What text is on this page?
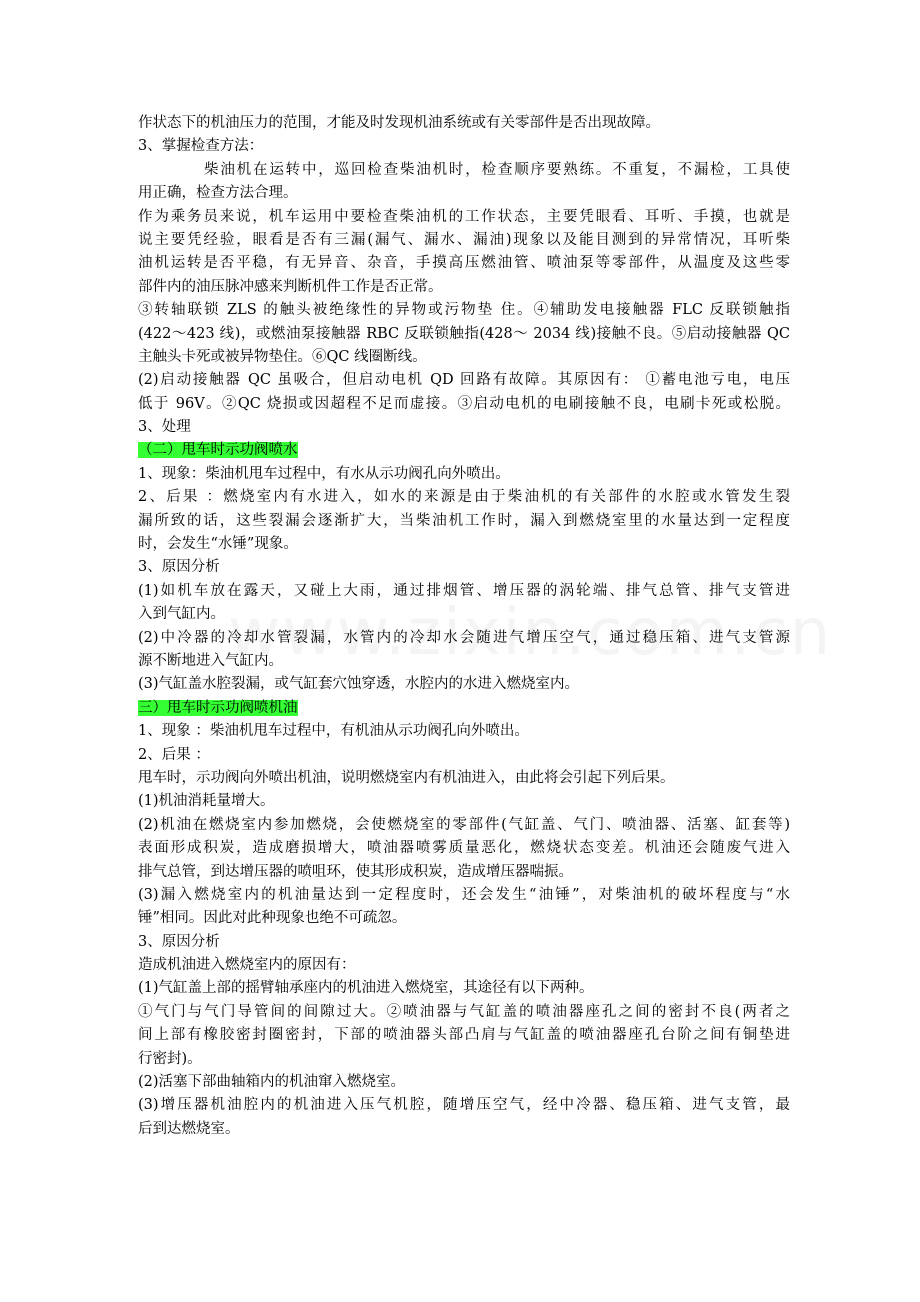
作状态下的机油压力的范围，才能及时发现机油系统或有关零部件是否出现故障。
3、掌握检查方法：
柴油机在运转中，巡回检查柴油机时，检查顺序要熟练。不重复，不漏检，工具使
用正确，检查方法合理。
作为乘务员来说，机车运用中要检查柴油机的工作状态，主要凭眼看、耳听、手摸，也就是
说主要凭经验，眼看是否有三漏(漏气、漏水、漏油)现象以及能目测到的异常情况，耳听柴
油机运转是否平稳，有无异音、杂音，手摸高压燃油管、喷油泵等零部件，从温度及这些零
部件内的油压脉冲感来判断机件工作是否正常。
③转轴联锁 ZLS 的触头被绝缘性的异物或污物垫 住。④辅助发电接触器 FLC 反联锁触指
(422～423 线)，或燃油泵接触器 RBC 反联锁触指(428～ 2034 线)接触不良。⑤启动接触器 QC
主触头卡死或被异物垫住。⑥QC 线圈断线。
(2)启动接触器 QC 虽吸合，但启动电机 QD 回路有故障。其原因有： ①蓄电池亏电，电压
低于 96V。②QC 烧损或因超程不足而虚接。③启动电机的电刷接触不良，电刷卡死或松脱。
3、处理
（二）甩车时示功阀喷水
1、现象：柴油机甩车过程中，有水从示功阀孔向外喷出。
2、后果 ：燃烧室内有水进入，如水的来源是由于柴油机的有关部件的水腔或水管发生裂
漏所致的话，这些裂漏会逐渐扩大，当柴油机工作时，漏入到燃烧室里的水量达到一定程度
时，会发生“水锤”现象。
3、原因分析
(1)如机车放在露天，又碰上大雨，通过排烟管、增压器的涡轮端、排气总管、排气支管进
入到气缸内。
(2)中冷器的冷却水管裂漏，水管内的冷却水会随进气增压空气，通过稳压箱、进气支管源
源不断地进入气缸内。
(3)气缸盖水腔裂漏，或气缸套穴蚀穿透，水腔内的水进入燃烧室内。
三）甩车时示功阀喷机油
1、现象 ：柴油机甩车过程中，有机油从示功阀孔向外喷出。
2、后果 ：
甩车时，示功阀向外喷出机油，说明燃烧室内有机油进入，由此将会引起下列后果。
(1)机油消耗量增大。
(2)机油在燃烧室内参加燃烧，会使燃烧室的零部件(气缸盖、气门、喷油器、活塞、缸套等)
表面形成积炭，造成磨损增大，喷油器喷雾质量恶化，燃烧状态变差。机油还会随废气进入
排气总管，到达增压器的喷咀环，使其形成积炭，造成增压器喘振。
(3)漏入燃烧室内的机油量达到一定程度时，还会发生“油锤”，对柴油机的破坏程度与“水
锤”相同。因此对此种现象也绝不可疏忽。
3、原因分析
造成机油进入燃烧室内的原因有：
(1)气缸盖上部的摇臂轴承座内的机油进入燃烧室，其途径有以下两种。
①气门与气门导管间的间隙过大。②喷油器与气缸盖的喷油器座孔之间的密封不良(两者之
间上部有橡胶密封圈密封，下部的喷油器头部凸肩与气缸盖的喷油器座孔台阶之间有铜垫进
行密封)。
(2)活塞下部曲轴箱内的机油窜入燃烧室。
(3)增压器机油腔内的机油进入压气机腔，随增压空气，经中冷器、稳压箱、进气支管，最
后到达燃烧室。
